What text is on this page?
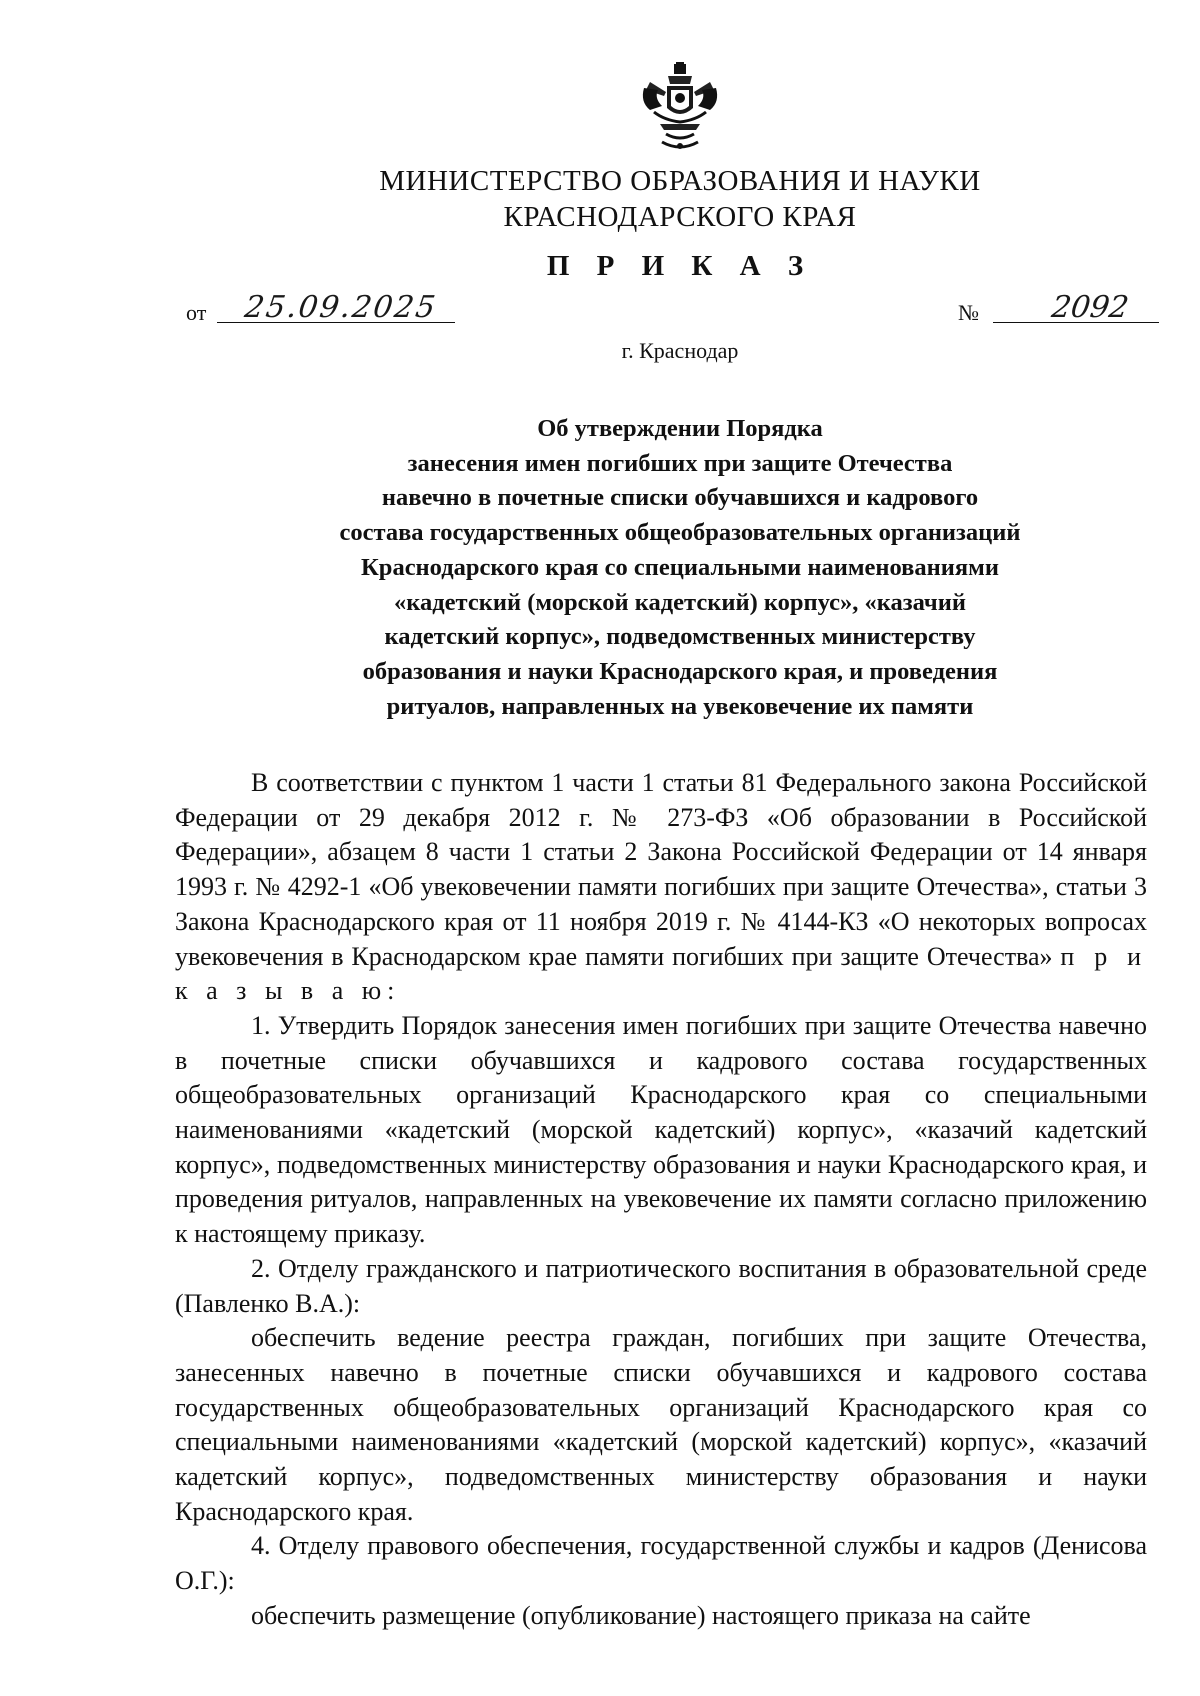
МИНИСТЕРСТВО ОБРАЗОВАНИЯ И НАУКИ
КРАСНОДАРСКОГО КРАЯ
П Р И К А З
от 25.09.2025	№ 2092
г. Краснодар
Об утверждении Порядка
занесения имен погибших при защите Отечества
навечно в почетные списки обучавшихся и кадрового
состава государственных общеобразовательных организаций
Краснодарского края со специальными наименованиями
«кадетский (морской кадетский) корпус», «казачий
кадетский корпус», подведомственных министерству
образования и науки Краснодарского края, и проведения
ритуалов, направленных на увековечение их памяти

В соответствии с пунктом 1 части 1 статьи 81 Федерального закона Российской Федерации от 29 декабря 2012 г. № 273-ФЗ «Об образовании в Российской Федерации», абзацем 8 части 1 статьи 2 Закона Российской Федерации от 14 января 1993 г. № 4292-1 «Об увековечении памяти погибших при защите Отечества», статьи 3 Закона Краснодарского края от 11 ноября 2019 г. № 4144-КЗ «О некоторых вопросах увековечения в Краснодарском крае памяти погибших при защите Отечества» п р и к а з ы в а ю:

1. Утвердить Порядок занесения имен погибших при защите Отечества навечно в почетные списки обучавшихся и кадрового состава государственных общеобразовательных организаций Краснодарского края со специальными наименованиями «кадетский (морской кадетский) корпус», «казачий кадетский корпус», подведомственных министерству образования и науки Краснодарского края, и проведения ритуалов, направленных на увековечение их памяти согласно приложению к настоящему приказу.

2. Отделу гражданского и патриотического воспитания в образовательной среде (Павленко В.А.):

обеспечить ведение реестра граждан, погибших при защите Отечества, занесенных навечно в почетные списки обучавшихся и кадрового состава государственных общеобразовательных организаций Краснодарского края со специальными наименованиями «кадетский (морской кадетский) корпус», «казачий кадетский корпус», подведомственных министерству образования и науки Краснодарского края.

4. Отделу правового обеспечения, государственной службы и кадров (Денисова О.Г.):

обеспечить размещение (опубликование) настоящего приказа на сайте
